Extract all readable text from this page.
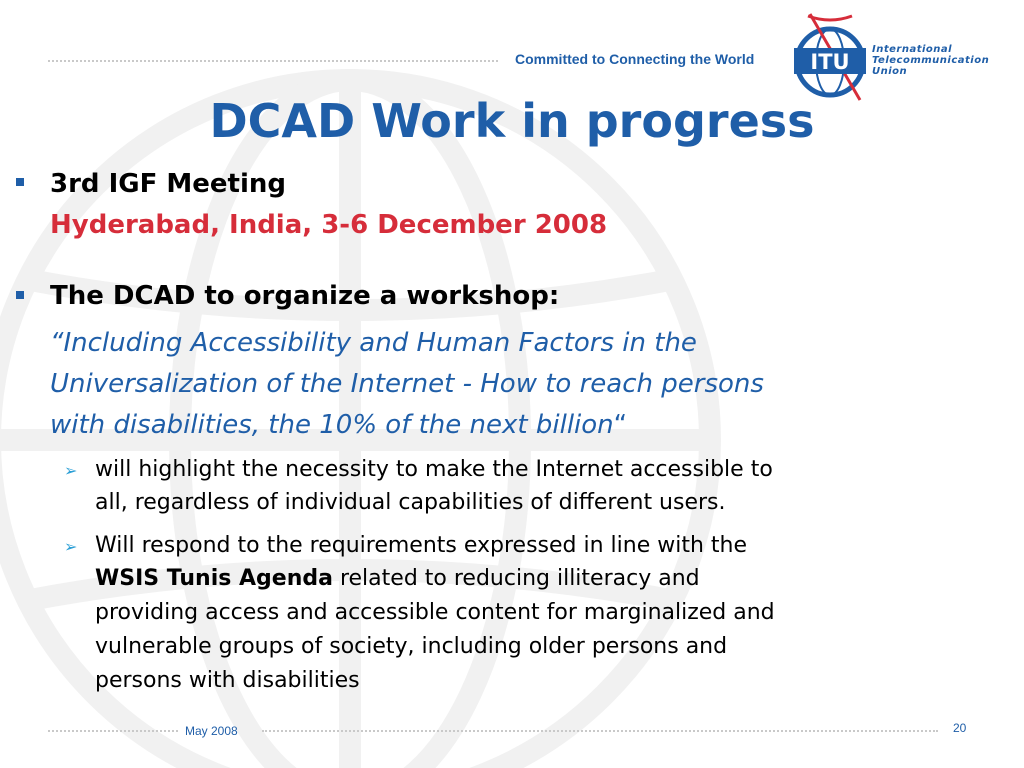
Committed to Connecting the World	ITU
International
Telecommunication
Union
DCAD Work in progress
3rd IGF Meeting
Hyderabad, India, 3-6 December 2008
The DCAD to organize a workshop:
“Including Accessibility and Human Factors in the
Universalization of the Internet - How to reach persons
with disabilities, the 10% of the next billion“
➢ will highlight the necessity to make the Internet accessible to
all, regardless of individual capabilities of different users.
➢ Will respond to the requirements expressed in line with the
WSIS Tunis Agenda related to reducing illiteracy and
providing access and accessible content for marginalized and
vulnerable groups of society, including older persons and
persons with disabilities
May 2008	20
